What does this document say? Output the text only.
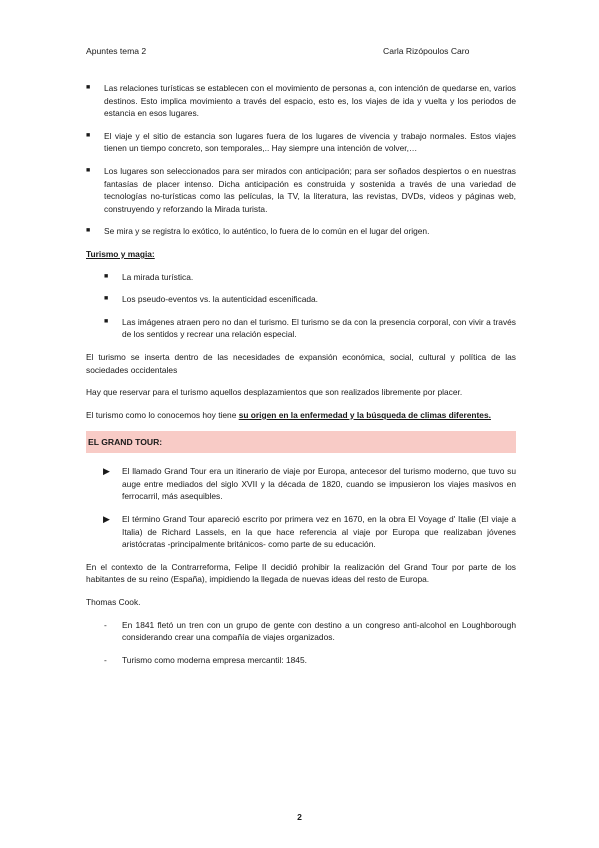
Apuntes tema 2	Carla Rizópoulos Caro
■ Las relaciones turísticas se establecen con el movimiento de personas a, con intención de quedarse en, varios destinos. Esto implica movimiento a través del espacio, esto es, los viajes de ida y vuelta y los periodos de estancia en esos lugares.
■ El viaje y el sitio de estancia son lugares fuera de los lugares de vivencia y trabajo normales. Estos viajes tienen un tiempo concreto, son temporales,.. Hay siempre una intención de volver,…
■ Los lugares son seleccionados para ser mirados con anticipación; para ser soñados despiertos o en nuestras fantasías de placer intenso. Dicha anticipación es construida y sostenida a través de una variedad de tecnologías no-turísticas como las películas, la TV, la literatura, las revistas, DVDs, videos y páginas web, construyendo y reforzando la Mirada turista.
■ Se mira y se registra lo exótico, lo auténtico, lo fuera de lo común en el lugar del origen.
Turismo y magia:
■ La mirada turística.
■ Los pseudo-eventos vs. la autenticidad escenificada.
■ Las imágenes atraen pero no dan el turismo. El turismo se da con la presencia corporal, con vivir a través de los sentidos y recrear una relación especial.

El turismo se inserta dentro de las necesidades de expansión económica, social, cultural y política de las sociedades occidentales

Hay que reservar para el turismo aquellos desplazamientos que son realizados libremente por placer.

El turismo como lo conocemos hoy tiene su origen en la enfermedad y la búsqueda de climas diferentes.

EL GRAND TOUR:
▶ El llamado Grand Tour era un itinerario de viaje por Europa, antecesor del turismo moderno, que tuvo su auge entre mediados del siglo XVII y la década de 1820, cuando se impusieron los viajes masivos en ferrocarril, más asequibles.
▶ El término Grand Tour apareció escrito por primera vez en 1670, en la obra El Voyage d' Italie (El viaje a Italia) de Richard Lassels, en la que hace referencia al viaje por Europa que realizaban jóvenes aristócratas -principalmente británicos- como parte de su educación.

En el contexto de la Contrarreforma, Felipe II decidió prohibir la realización del Grand Tour por parte de los habitantes de su reino (España), impidiendo la llegada de nuevas ideas del resto de Europa.

Thomas Cook.

- En 1841 fletó un tren con un grupo de gente con destino a un congreso anti-alcohol en Loughborough considerando crear una compañía de viajes organizados.
- Turismo como moderna empresa mercantil: 1845.
2
